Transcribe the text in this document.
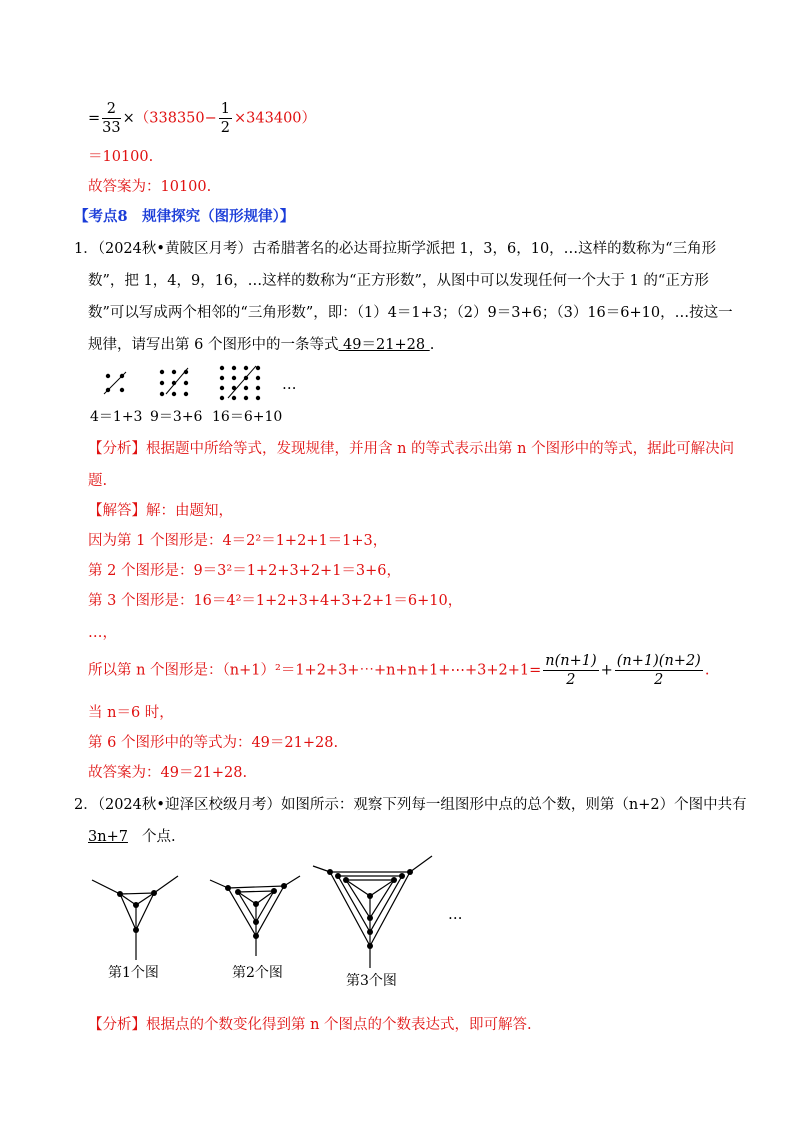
= $\frac{2}{33} \times(338350- \frac{1}{2} \times 343400)$
＝10100.
故答案为：10100.
【考点8　规律探究（图形规律）】
1．（2024秋•黄陂区月考）古希腊著名的必达哥拉斯学派把 1，3，6，10，…这样的数称为“三角形
数”，把 1，4，9，16，…这样的数称为“正方形数”，从图中可以发现任何一个大于 1 的“正方形
数”可以写成两个相邻的“三角形数”，即：（1）4＝1+3；（2）9＝3+6；（3）16＝6+10，…按这一
规律，请写出第 6 个图形中的一条等式 49＝21+28 .
…
4＝1+3 9＝3+6 16＝6+10
【分析】根据题中所给等式，发现规律，并用含 n 的等式表示出第 n 个图形中的等式，据此可解决问
题.
【解答】解：由题知，
因为第 1 个图形是：4＝2²＝1+2+1＝1+3，
第 2 个图形是：9＝3²＝1+2+3+2+1＝3+6，
第 3 个图形是：16＝4²＝1+2+3+4+3+2+1＝6+10，
…，
所以第 n 个图形是：（n+1）²＝1+2+3+⋯+n+n+1+⋯+3+2+1= $\frac{n(n+1)}{2} + \frac{(n+1)(n+2)}{2}$ .
当 n＝6 时，
第 6 个图形中的等式为：49＝21+28.
故答案为：49＝21+28.
2．（2024秋•迎泽区校级月考）如图所示：观察下列每一组图形中点的总个数，则第（n+2）个图中共有
3n+7 个点.
…
第1个图	第2个图	第3个图
【分析】根据点的个数变化得到第 n 个图点的个数表达式，即可解答.
